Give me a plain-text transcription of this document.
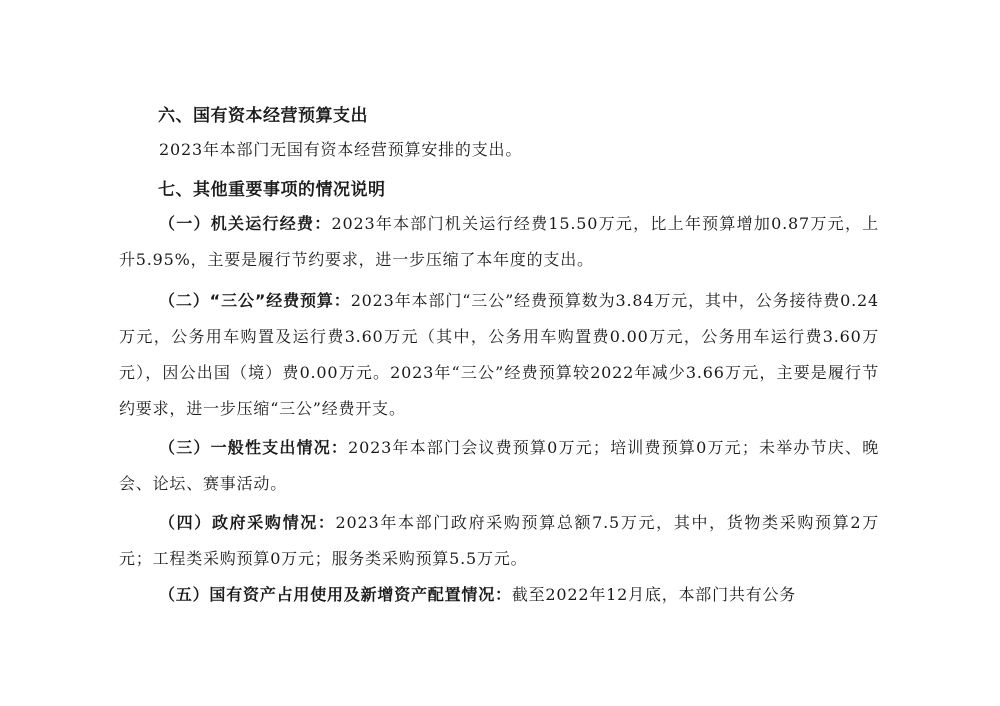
六、国有资本经营预算支出

2023年本部门无国有资本经营预算安排的支出。

七、其他重要事项的情况说明

（一）机关运行经费：2023年本部门机关运行经费15.50万元，比上年预算增加0.87万元，上升5.95%，主要是履行节约要求，进一步压缩了本年度的支出。

（二）“三公”经费预算：2023年本部门“三公”经费预算数为3.84万元，其中，公务接待费0.24万元，公务用车购置及运行费3.60万元（其中，公务用车购置费0.00万元，公务用车运行费3.60万元），因公出国（境）费0.00万元。2023年“三公”经费预算较2022年减少3.66万元，主要是履行节约要求，进一步压缩“三公”经费开支。

（三）一般性支出情况：2023年本部门会议费预算0万元；培训费预算0万元；未举办节庆、晚会、论坛、赛事活动。

（四）政府采购情况：2023年本部门政府采购预算总额7.5万元，其中，货物类采购预算2万元；工程类采购预算0万元；服务类采购预算5.5万元。

（五）国有资产占用使用及新增资产配置情况：截至2022年12月底，本部门共有公务
